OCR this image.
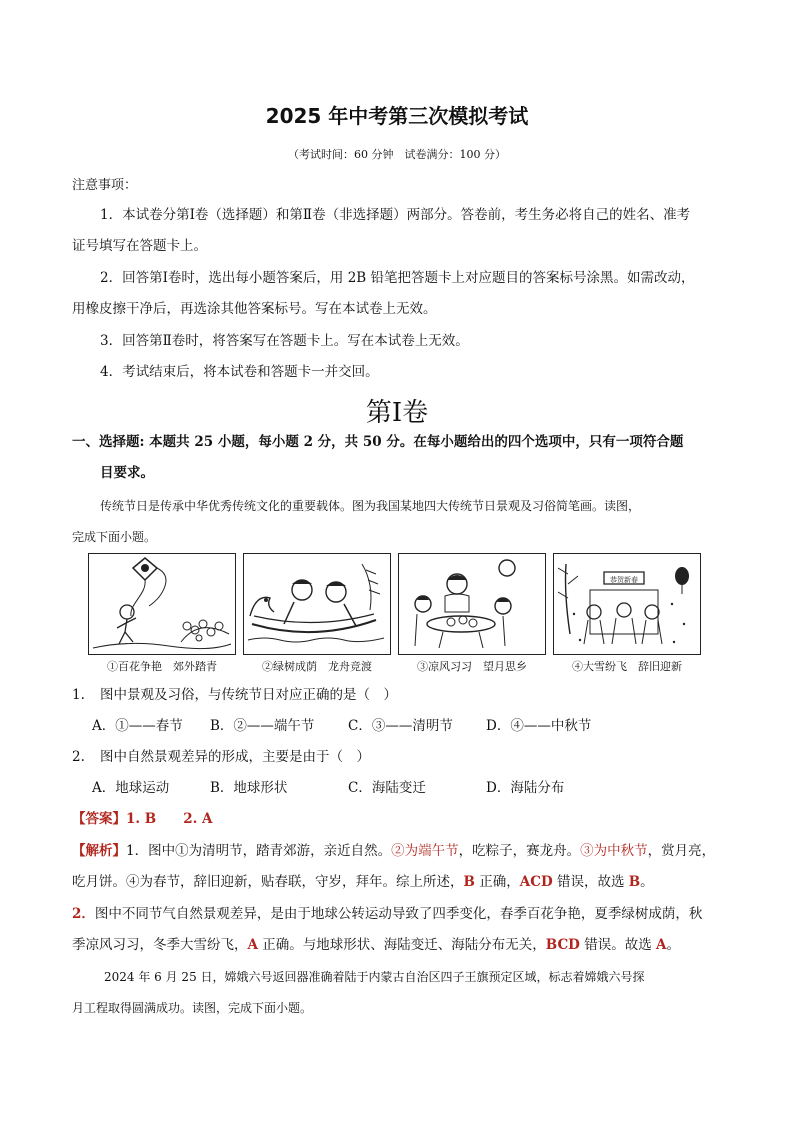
2025 年中考第三次模拟考试
（考试时间：60 分钟　试卷满分：100 分）
注意事项：
1．本试卷分第Ⅰ卷（选择题）和第Ⅱ卷（非选择题）两部分。答卷前，考生务必将自己的姓名、准考
证号填写在答题卡上。
2．回答第Ⅰ卷时，选出每小题答案后，用 2B 铅笔把答题卡上对应题目的答案标号涂黑。如需改动，
用橡皮擦干净后，再选涂其他答案标号。写在本试卷上无效。
3．回答第Ⅱ卷时，将答案写在答题卡上。写在本试卷上无效。
4．考试结束后，将本试卷和答题卡一并交回。
第Ⅰ卷
一、选择题: 本题共 25 小题，每小题 2 分，共 50 分。在每小题给出的四个选项中，只有一项符合题
目要求。
传统节日是传承中华优秀传统文化的重要载体。图为我国某地四大传统节日景观及习俗简笔画。读图，
完成下面小题。
恭贺新春
①百花争艳　郊外踏青	②绿树成荫　龙舟竞渡	③凉风习习　望月思乡	④大雪纷飞　辞旧迎新
1. 图中景观及习俗，与传统节日对应正确的是（　）
A．①——春节 B．②——端午节 C．③——清明节 D．④——中秋节
2. 图中自然景观差异的形成，主要是由于（　）
A．地球运动	B．地球形状	C．海陆变迁	D．海陆分布
【答案】1. B　　2. A
【解析】1．图中①为清明节，踏青郊游，亲近自然。②为端午节，吃粽子，赛龙舟。③为中秋节，赏月亮，
吃月饼。④为春节，辞旧迎新，贴春联，守岁，拜年。综上所述，B 正确，ACD 错误，故选 B。
2．图中不同节气自然景观差异，是由于地球公转运动导致了四季变化，春季百花争艳，夏季绿树成荫，秋
季凉风习习，冬季大雪纷飞，A 正确。与地球形状、海陆变迁、海陆分布无关，BCD 错误。故选 A。
2024 年 6 月 25 日，嫦娥六号返回器准确着陆于内蒙古自治区四子王旗预定区域，标志着嫦娥六号探
月工程取得圆满成功。读图，完成下面小题。
